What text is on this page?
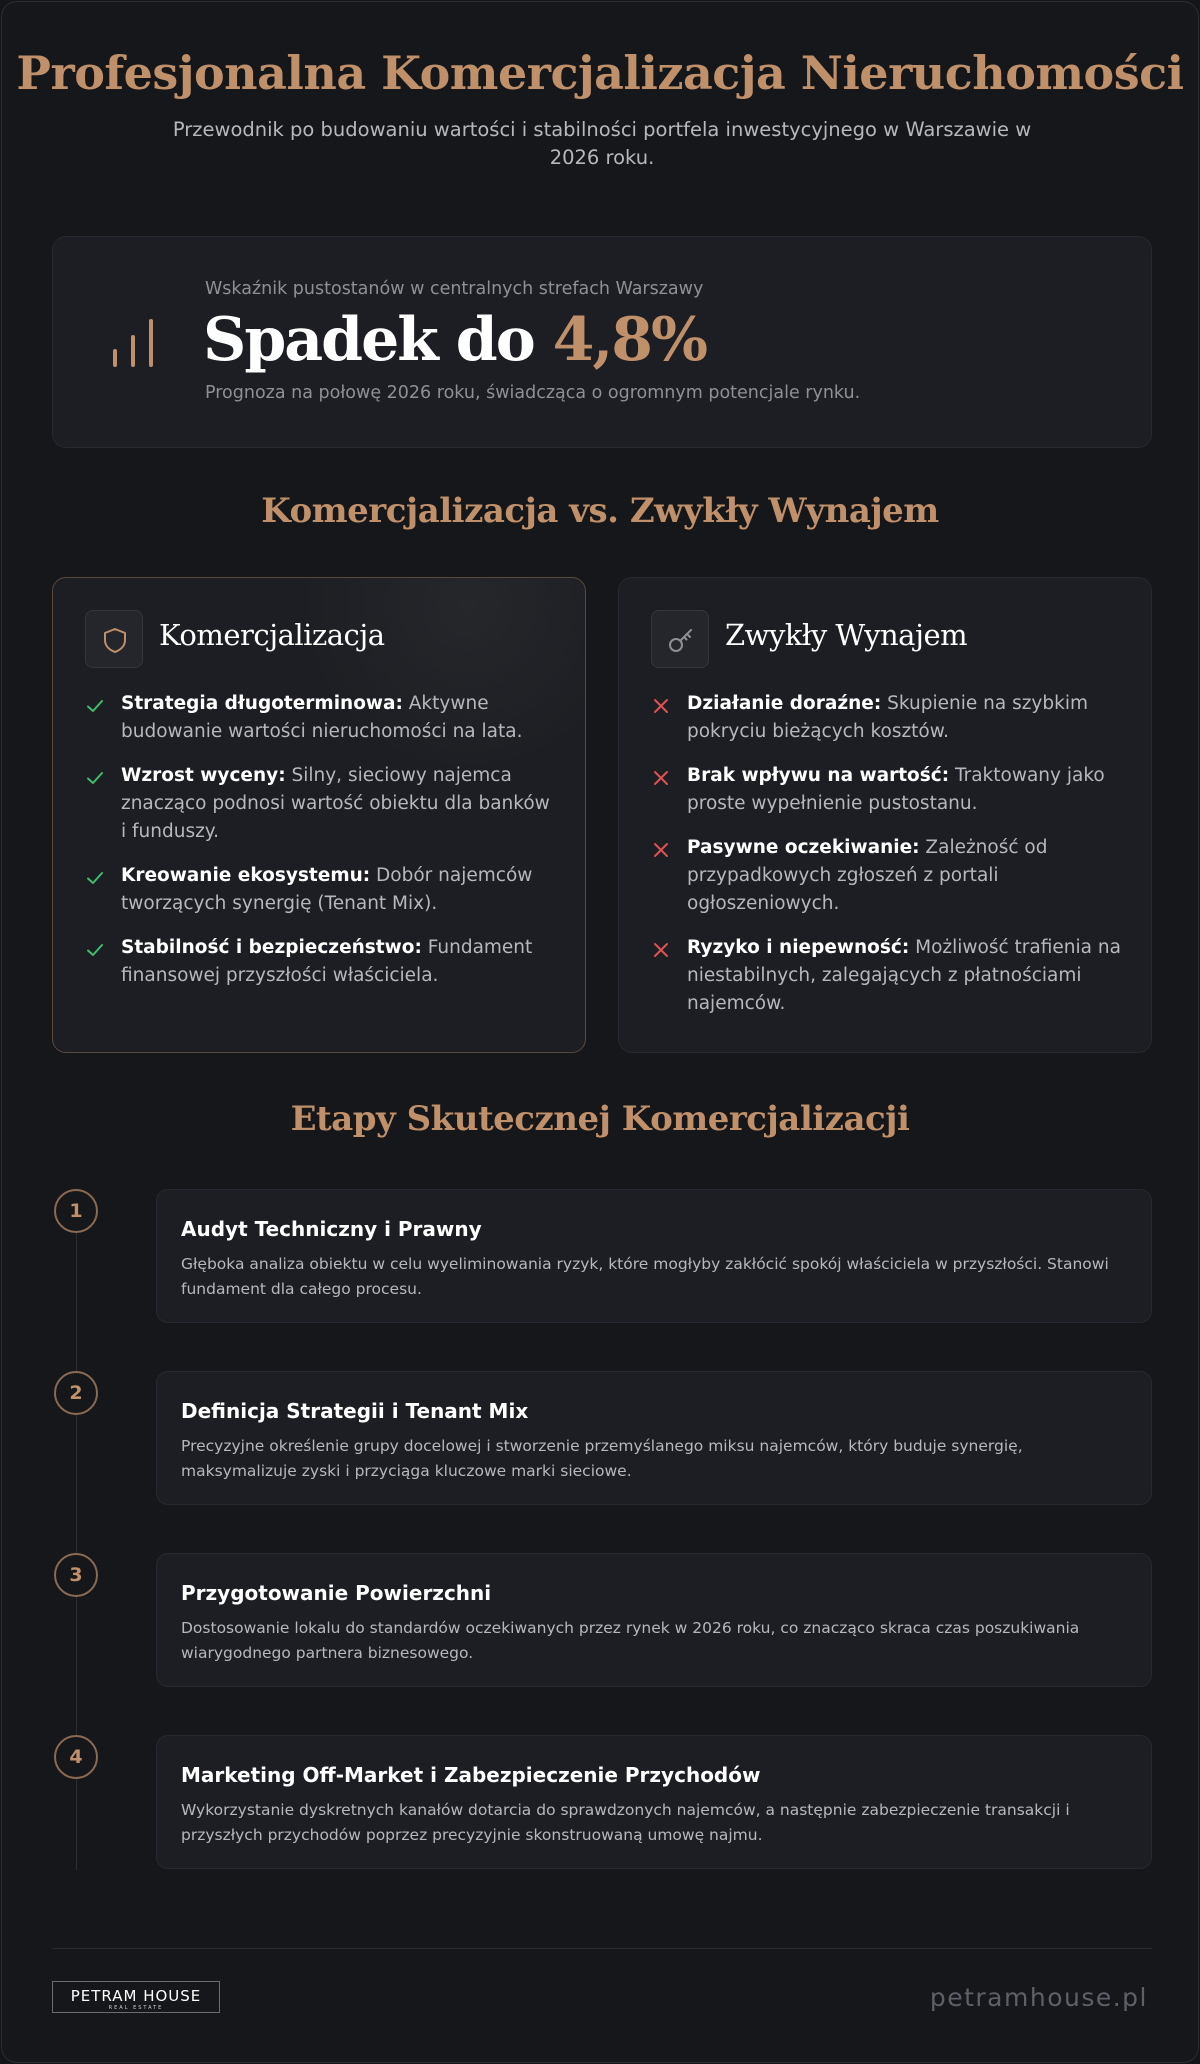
Profesjonalna Komercjalizacja Nieruchomości

Przewodnik po budowaniu wartości i stabilności portfela inwestycyjnego w Warszawie w 2026 roku.

Wskaźnik pustostanów w centralnych strefach Warszawy
Spadek do 4,8%
Prognoza na połowę 2026 roku, świadcząca o ogromnym potencjale rynku.
Komercjalizacja vs. Zwykły Wynajem
Komercjalizacja
Strategia długoterminowa: Aktywne budowanie wartości nieruchomości na lata.
Wzrost wyceny: Silny, sieciowy najemca znacząco podnosi wartość obiektu dla banków i funduszy.
Kreowanie ekosystemu: Dobór najemców tworzących synergię (Tenant Mix).
Stabilność i bezpieczeństwo: Fundament finansowej przyszłości właściciela.
Zwykły Wynajem
Działanie doraźne: Skupienie na szybkim pokryciu bieżących kosztów.
Brak wpływu na wartość: Traktowany jako proste wypełnienie pustostanu.
Pasywne oczekiwanie: Zależność od przypadkowych zgłoszeń z portali ogłoszeniowych.
Ryzyko i niepewność: Możliwość trafienia na niestabilnych, zalegających z płatnościami najemców.
Etapy Skutecznej Komercjalizacji
1
Audyt Techniczny i Prawny
Głęboka analiza obiektu w celu wyeliminowania ryzyk, które mogłyby zakłócić spokój właściciela w przyszłości. Stanowi fundament dla całego procesu.
2
Definicja Strategii i Tenant Mix
Precyzyjne określenie grupy docelowej i stworzenie przemyślanego miksu najemców, który buduje synergię, maksymalizuje zyski i przyciąga kluczowe marki sieciowe.
3
Przygotowanie Powierzchni
Dostosowanie lokalu do standardów oczekiwanych przez rynek w 2026 roku, co znacząco skraca czas poszukiwania wiarygodnego partnera biznesowego.
4
Marketing Off-Market i Zabezpieczenie Przychodów
Wykorzystanie dyskretnych kanałów dotarcia do sprawdzonych najemców, a następnie zabezpieczenie transakcji i przyszłych przychodów poprzez precyzyjnie skonstruowaną umowę najmu.
PETRAM HOUSE
REAL ESTATE	petramhouse.pl
